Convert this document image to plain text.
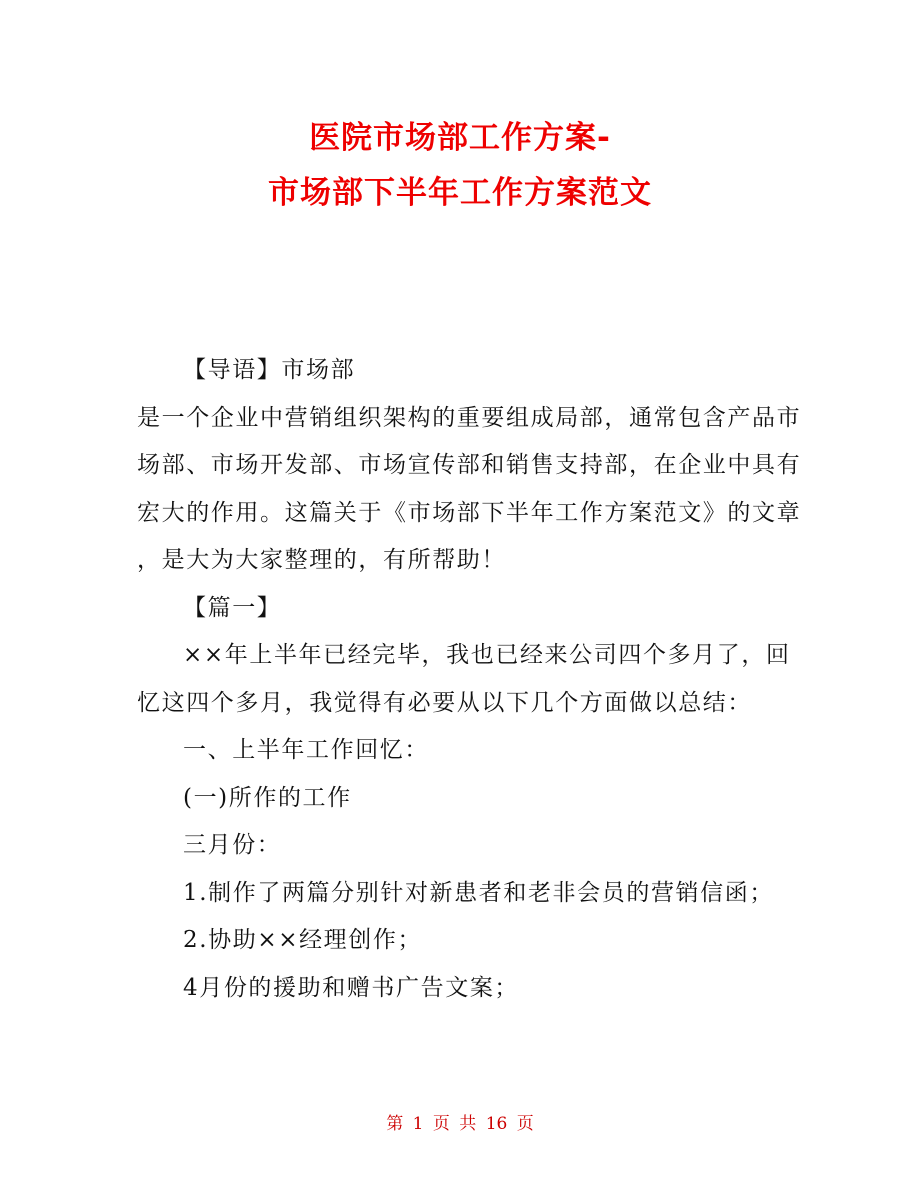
医院市场部工作方案-
市场部下半年工作方案范文
【导语】市场部
是一个企业中营销组织架构的重要组成局部，通常包含产品市
场部、市场开发部、市场宣传部和销售支持部，在企业中具有
宏大的作用。这篇关于《市场部下半年工作方案范文》的文章
，是大为大家整理的，有所帮助！
【篇一】
××年上半年已经完毕，我也已经来公司四个多月了，回
忆这四个多月，我觉得有必要从以下几个方面做以总结：
一、上半年工作回忆：
(一)所作的工作
三月份：
1.制作了两篇分别针对新患者和老非会员的营销信函；
2.协助××经理创作；
4月份的援助和赠书广告文案；
第 1 页 共 16 页
